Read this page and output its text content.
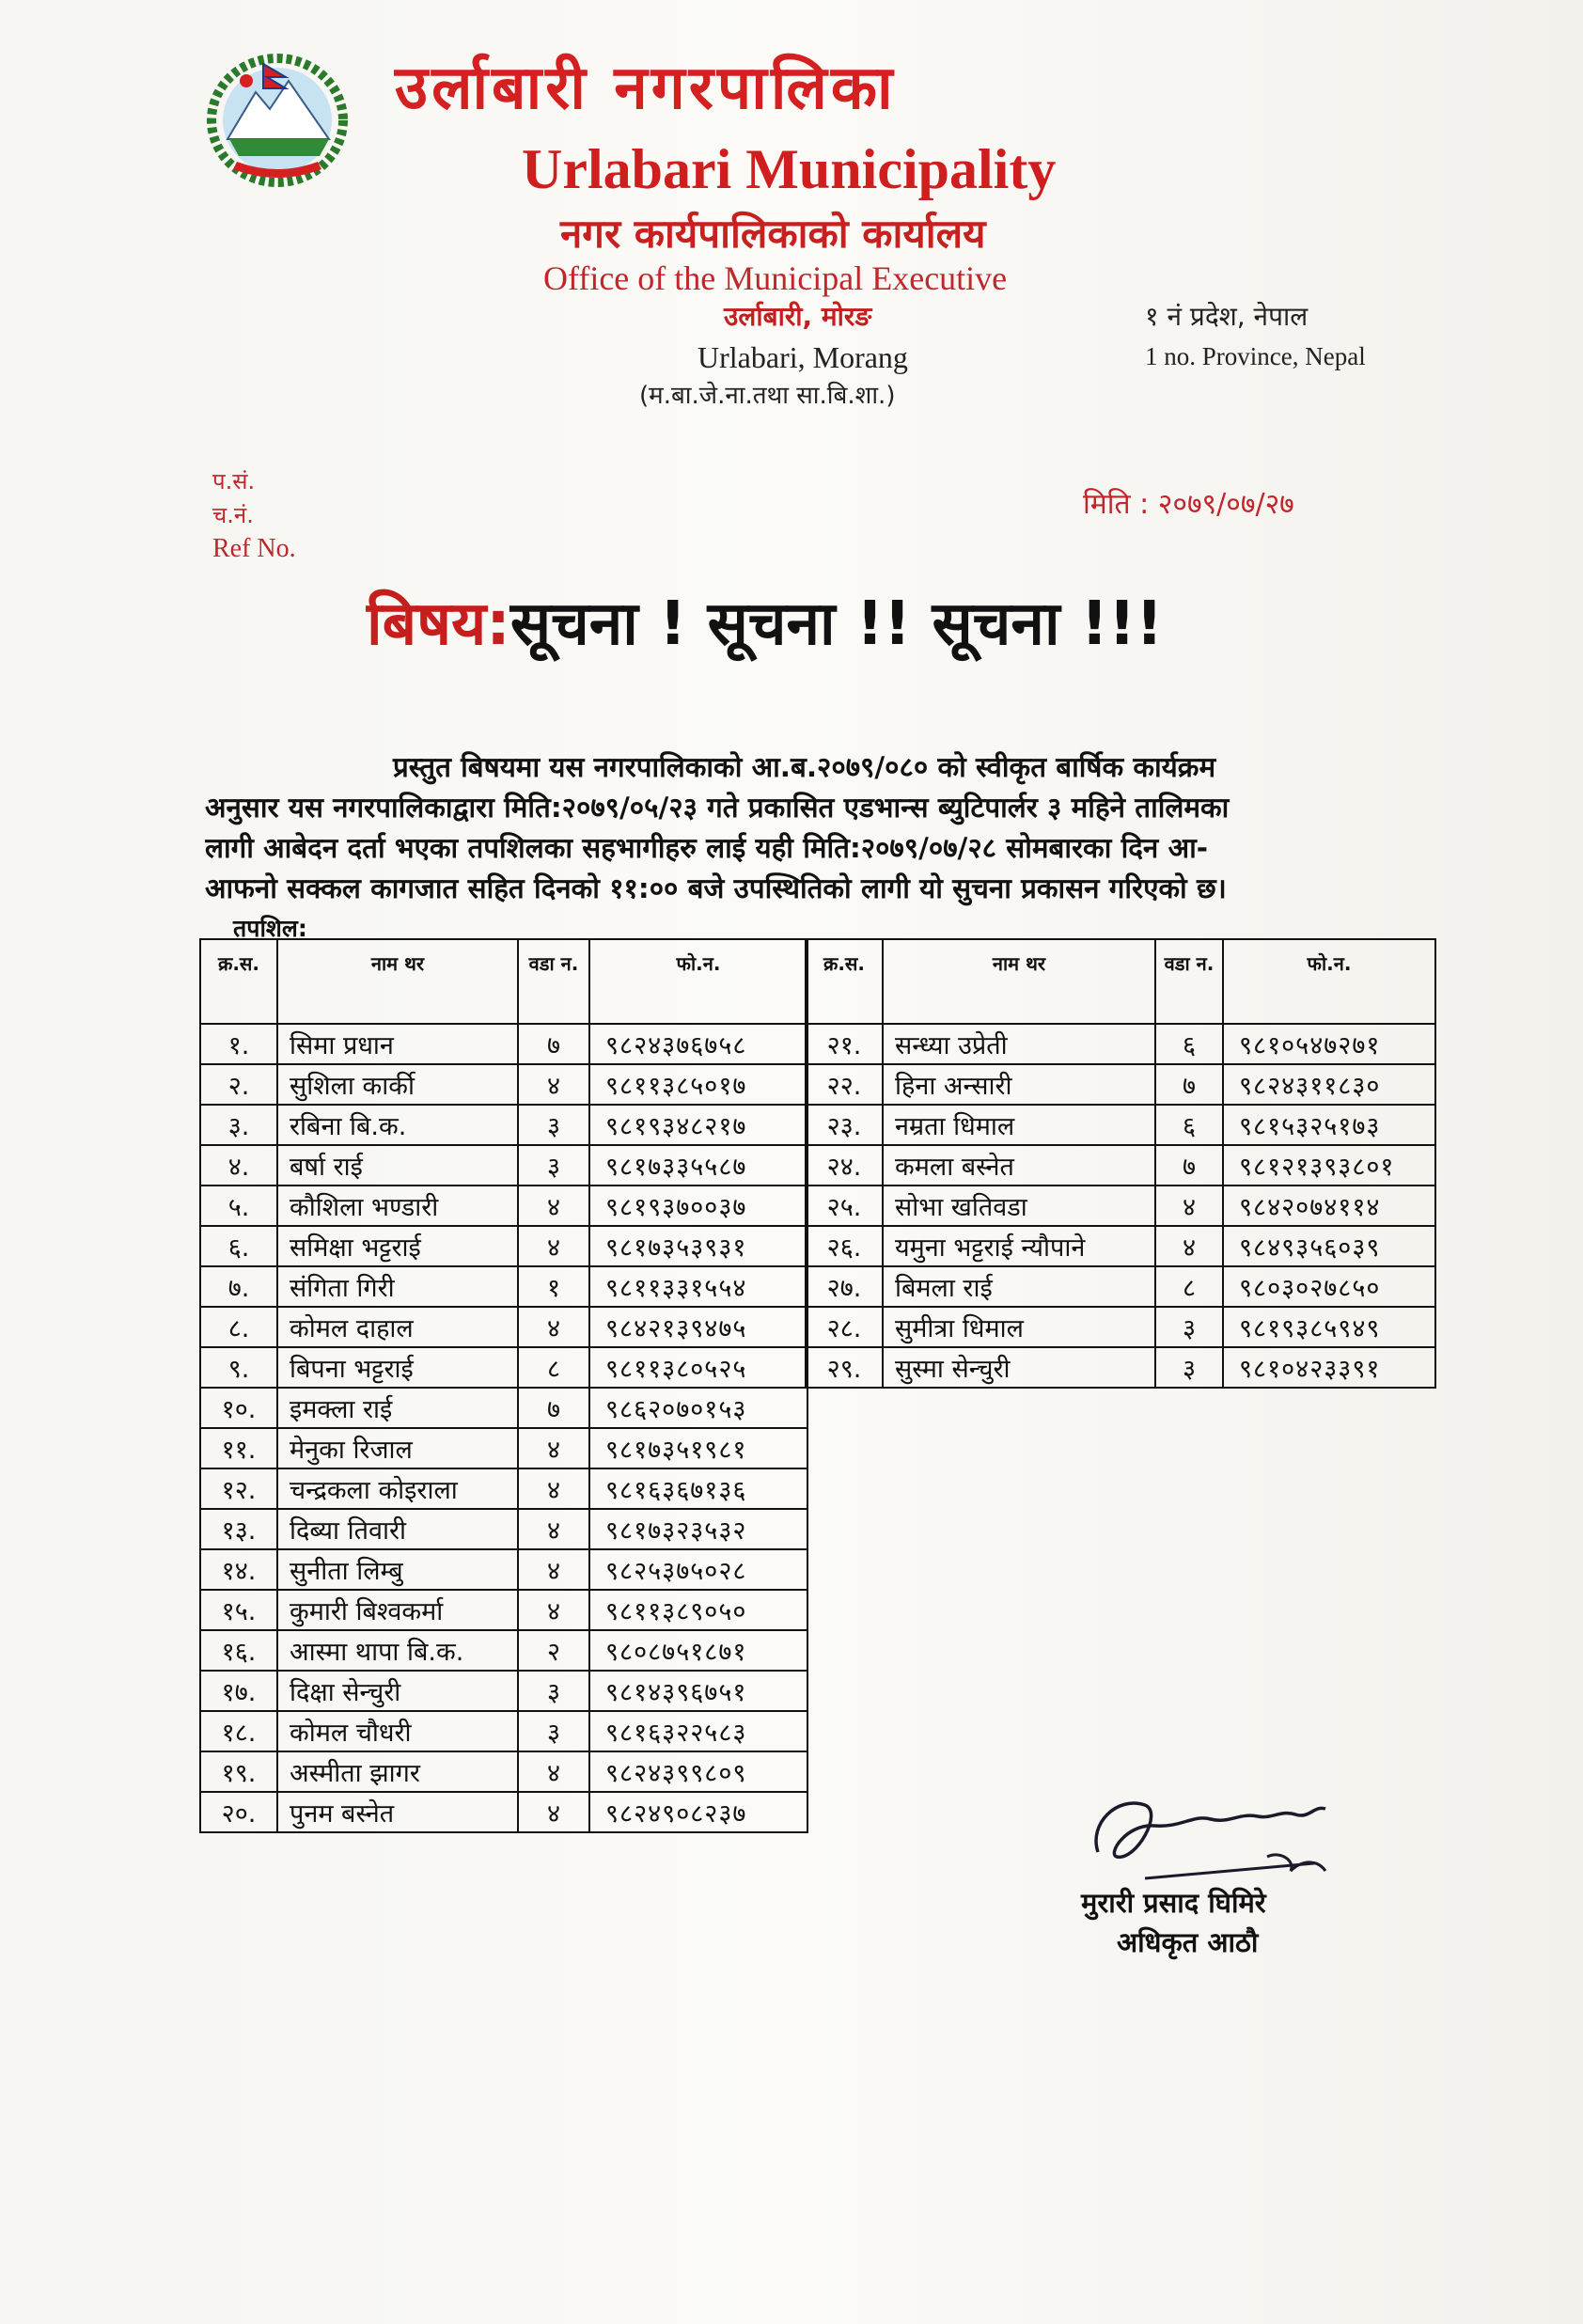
उर्लाबारी नगरपालिका
Urlabari Municipality
नगर कार्यपालिकाको कार्यालय
Office of the Municipal Executive
उर्लाबारी, मोरङ
Urlabari, Morang
(म.बा.जे.ना.तथा सा.बि.शा.)
१ नं प्रदेश, नेपाल
1 no. Province, Nepal
प.सं.
च.नं.
Ref No.
मिति : २०७९/०७/२७
बिषय:सूचना ! सूचना !! सूचना !!!
प्रस्तुत बिषयमा यस नगरपालिकाको आ.ब.२०७९/०८० को स्वीकृत बार्षिक कार्यक्रम
अनुसार यस नगरपालिकाद्वारा मिति:२०७९/०५/२३ गते प्रकासित एडभान्स ब्युटिपार्लर ३ महिने तालिमका
लागी आबेदन दर्ता भएका तपशिलका सहभागीहरु लाई यही मिति:२०७९/०७/२८ सोमबारका दिन आ-
आफनो सक्कल कागजात सहित दिनको ११:०० बजे उपस्थितिको लागी यो सुचना प्रकासन गरिएको छ।
तपशिल:
क्र.स.	नाम थर	वडा न.	फो.न.
१.	सिमा प्रधान	७	९८२४३७६७५८
२.	सुशिला कार्की	४	९८११३८५०१७
३.	रबिना बि.क.	३	९८१९३४८२१७
४.	बर्षा राई	३	९८१७३३५५८७
५.	कौशिला भण्डारी	४	९८१९३७००३७
६.	समिक्षा भट्टराई	४	९८१७३५३९३१
७.	संगिता गिरी	१	९८११३३१५५४
८.	कोमल दाहाल	४	९८४२१३९४७५
९.	बिपना भट्टराई	८	९८११३८०५२५
१०.	इमक्ला राई	७	९८६२०७०१५३
११.	मेनुका रिजाल	४	९८१७३५१९८१
१२.	चन्द्रकला कोइराला	४	९८१६३६७१३६
१३.	दिब्या तिवारी	४	९८१७३२३५३२
१४.	सुनीता लिम्बु	४	९८२५३७५०२८
१५.	कुमारी बिश्वकर्मा	४	९८११३८९०५०
१६.	आस्मा थापा बि.क.	२	९८०८७५१८७१
१७.	दिक्षा सेन्चुरी	३	९८१४३९६७५१
१८.	कोमल चौधरी	३	९८१६३२२५८३
१९.	अस्मीता झागर	४	९८२४३९९८०९
२०.	पुनम बस्नेत	४	९८२४९०८२३७
क्र.स.	नाम थर	वडा न.	फो.न.
२१.	सन्ध्या उप्रेती	६	९८१०५४७२७१
२२.	हिना अन्सारी	७	९८२४३११८३०
२३.	नम्रता धिमाल	६	९८१५३२५१७३
२४.	कमला बस्नेत	७	९८१२१३९३८०१
२५.	सोभा खतिवडा	४	९८४२०७४११४
२६.	यमुना भट्टराई न्यौपाने	४	९८४९३५६०३९
२७.	बिमला राई	८	९८०३०२७८५०
२८.	सुमीत्रा धिमाल	३	९८१९३८५९४९
२९.	सुस्मा सेन्चुरी	३	९८१०४२३३९१
मुरारी प्रसाद घिमिरे
अधिकृत आठौ
